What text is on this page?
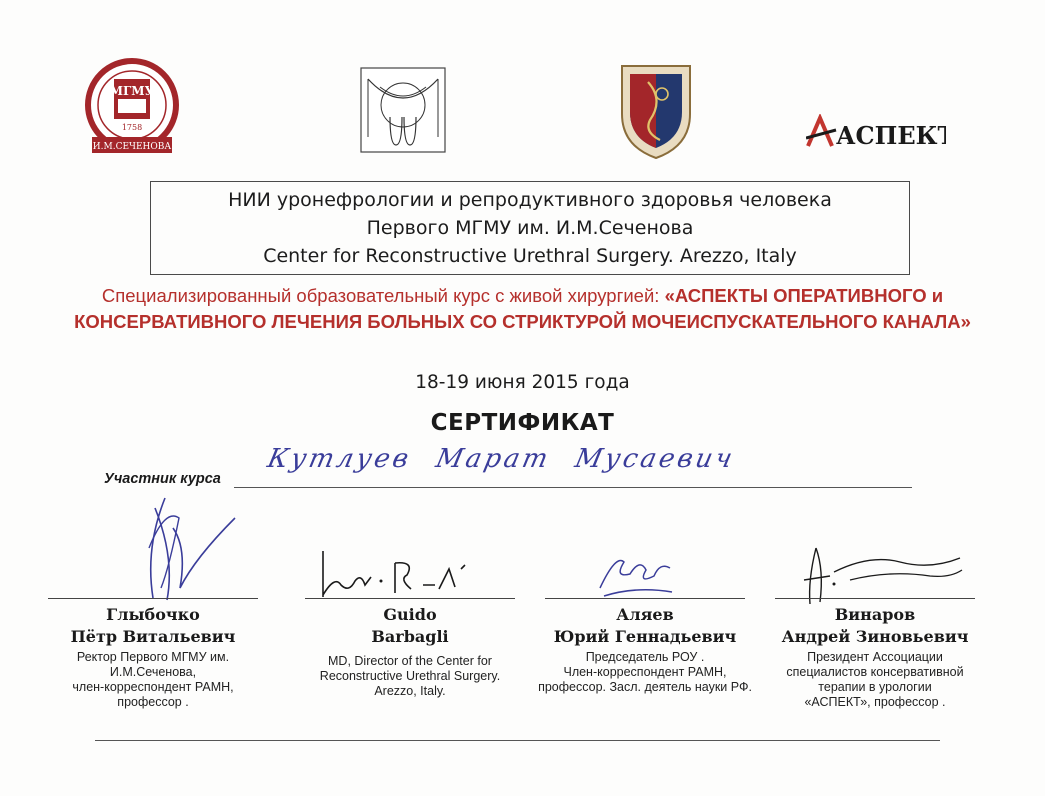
МГМУ
1758
И.М.СЕЧЕНОВА	АСПЕКТ
НИИ уронефрологии и репродуктивного здоровья человека
Первого МГМУ им. И.М.Сеченова
Center for Reconstructive Urethral Surgery. Arezzo, Italy
Специализированный образовательный курс с живой хирургией: «АСПЕКТЫ ОПЕРАТИВНОГО и КОНСЕРВАТИВНОГО ЛЕЧЕНИЯ БОЛЬНЫХ СО СТРИКТУРОЙ МОЧЕИСПУСКАТЕЛЬНОГО КАНАЛА»
18-19 июня 2015 года
СЕРТИФИКАТ
Участник курса
Кутлуев Марат Мусаевич
Глыбочко
Пётр Витальевич
Ректор Первого МГМУ им.
И.М.Сеченова,
член-корреспондент РАМН,
профессор .
Guido
Barbagli
MD, Director of the Center for
Reconstructive Urethral Surgery.
Arezzo, Italy.
Аляев
Юрий Геннадьевич
Председатель РОУ .
Член-корреспондент РАМН,
профессор. Засл. деятель науки РФ.
Винаров
Андрей Зиновьевич
Президент Ассоциации
специалистов консервативной
терапии в урологии
«АСПЕКТ», профессор .
